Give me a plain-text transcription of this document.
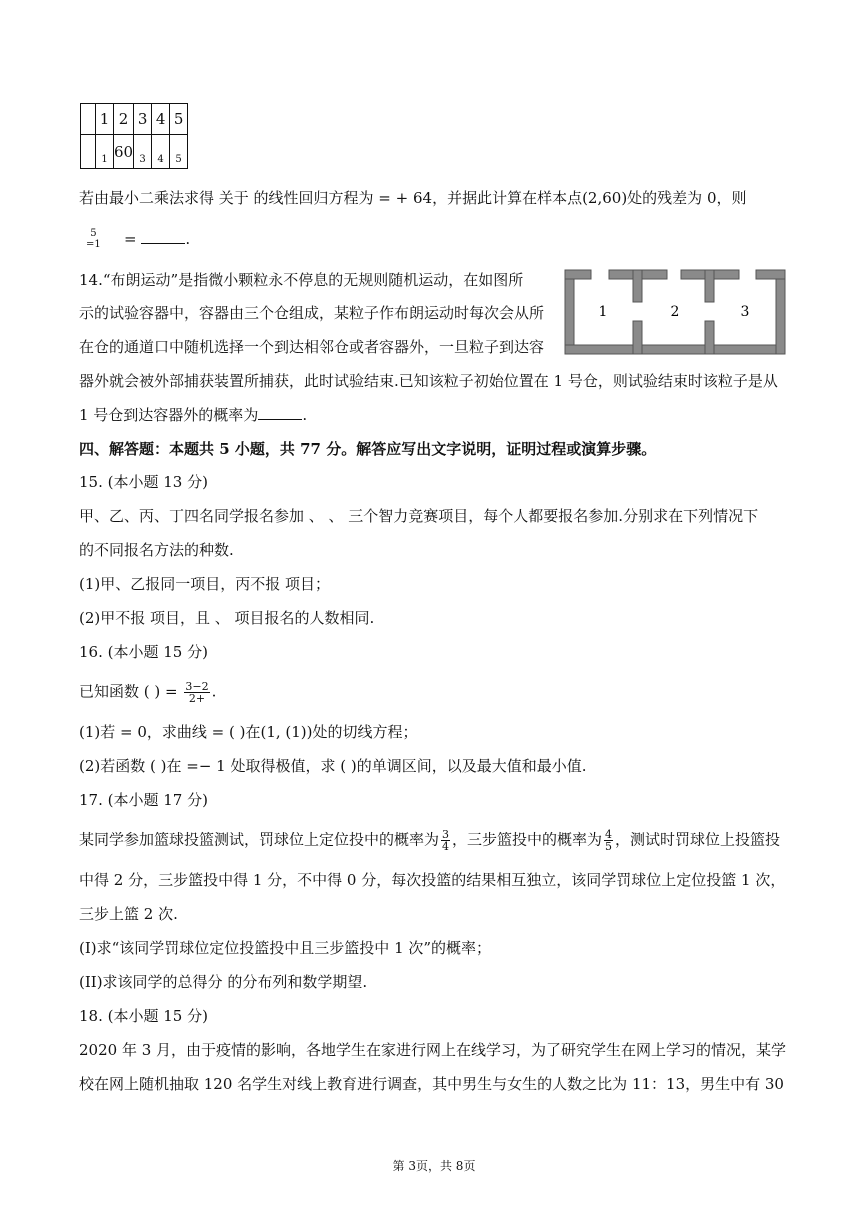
	1	2	3	4	5
	$_1$	60	$_3$	$_4$	$_5$
若由最小二乘法求得 关于 的线性回归方程为 = + 64，并据此计算在样本点(2,60)处的残差为 0，则
5
=1 =	.
14.“布朗运动”是指微小颗粒永不停息的无规则随机运动，在如图所
示的试验容器中，容器由三个仓组成，某粒子作布朗运动时每次会从所
在仓的通道口中随机选择一个到达相邻仓或者容器外，一旦粒子到达容
器外就会被外部捕获装置所捕获，此时试验结束.已知该粒子初始位置在 1 号仓，则试验结束时该粒子是从
1 号仓到达容器外的概率为	.
1	2	3
四、解答题：本题共 5 小题，共 77 分。解答应写出文字说明，证明过程或演算步骤。
15. (本小题 13 分)
甲、乙、丙、丁四名同学报名参加 、 、 三个智力竞赛项目，每个人都要报名参加.分别求在下列情况下
的不同报名方法的种数.
(1)甲、乙报同一项目，丙不报 项目；
(2)甲不报 项目，且 、 项目报名的人数相同.
16. (本小题 15 分)
已知函数 ( ) = $\frac{3-2}{2+}$ .
(1)若 = 0，求曲线 = ( )在(1, (1))处的切线方程；
(2)若函数 ( )在 =− 1 处取得极值，求 ( )的单调区间，以及最大值和最小值.
17. (本小题 17 分)
某同学参加篮球投篮测试，罚球位上定位投中的概率为 $\frac{3}{4}$ ，三步篮投中的概率为 $\frac{4}{5}$ ，测试时罚球位上投篮投
中得 2 分，三步篮投中得 1 分，不中得 0 分，每次投篮的结果相互独立，该同学罚球位上定位投篮 1 次，
三步上篮 2 次.
(I)求“该同学罚球位定位投篮投中且三步篮投中 1 次”的概率；
(II)求该同学的总得分 的分布列和数学期望.
18. (本小题 15 分)
2020 年 3 月，由于疫情的影响，各地学生在家进行网上在线学习，为了研究学生在网上学习的情况，某学
校在网上随机抽取 120 名学生对线上教育进行调查，其中男生与女生的人数之比为 11：13，男生中有 30
第 3页，共 8页
